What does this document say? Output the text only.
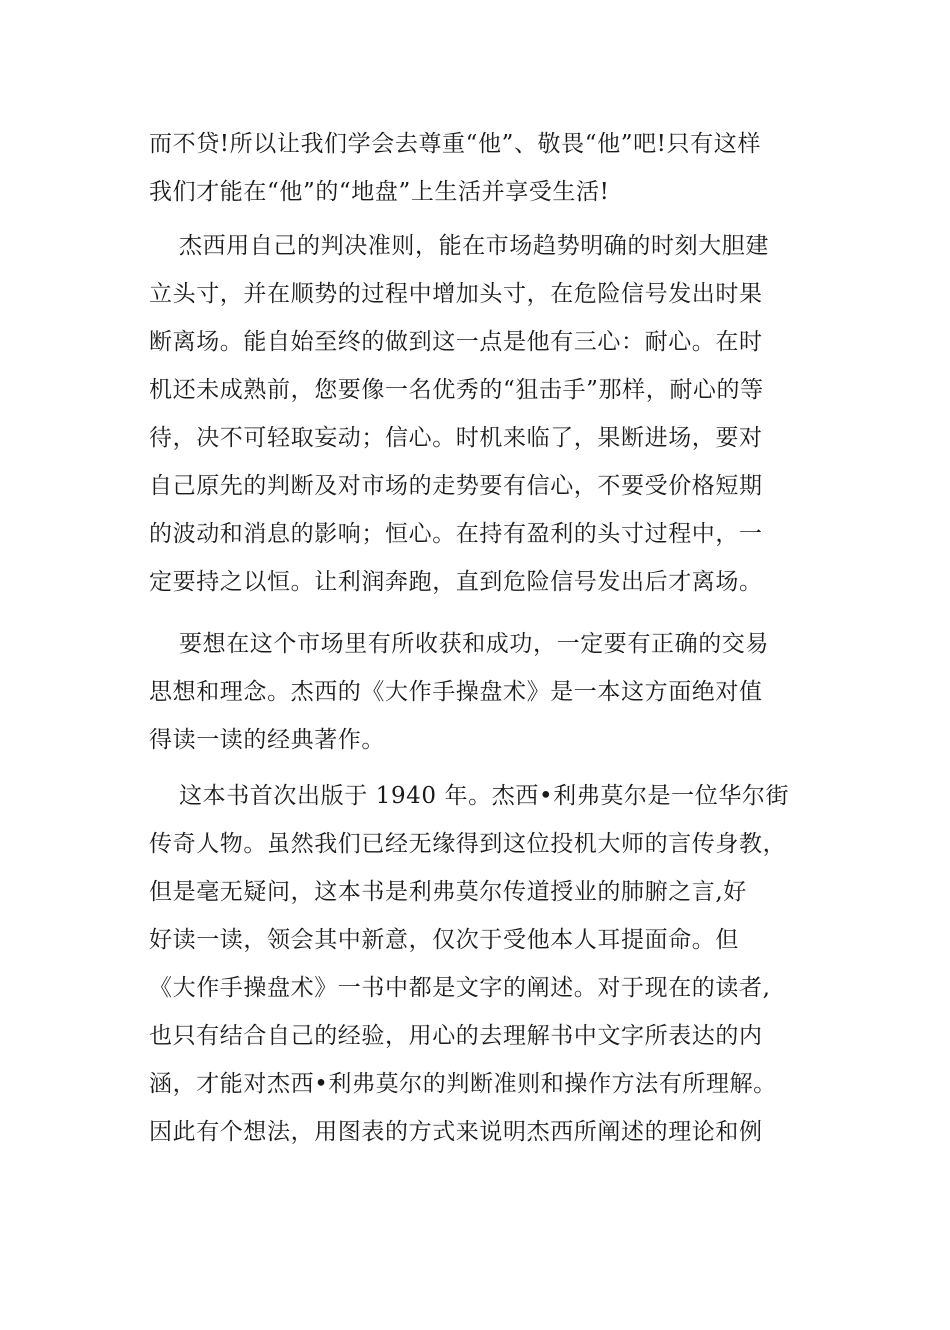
而不贷!所以让我们学会去尊重“他”、敬畏“他”吧!只有这样
我们才能在“他”的“地盘”上生活并享受生活!
杰西用自己的判决准则，能在市场趋势明确的时刻大胆建
立头寸，并在顺势的过程中增加头寸，在危险信号发出时果
断离场。能自始至终的做到这一点是他有三心：耐心。在时
机还未成熟前，您要像一名优秀的“狙击手”那样，耐心的等
待，决不可轻取妄动；信心。时机来临了，果断进场，要对
自己原先的判断及对市场的走势要有信心，不要受价格短期
的波动和消息的影响；恒心。在持有盈利的头寸过程中，一
定要持之以恒。让利润奔跑，直到危险信号发出后才离场。
要想在这个市场里有所收获和成功，一定要有正确的交易
思想和理念。杰西的《大作手操盘术》是一本这方面绝对值
得读一读的经典著作。
这本书首次出版于 1940 年。杰西•利弗莫尔是一位华尔街
传奇人物。虽然我们已经无缘得到这位投机大师的言传身教，
但是毫无疑问，这本书是利弗莫尔传道授业的肺腑之言,好
好读一读，领会其中新意，仅次于受他本人耳提面命。但
《大作手操盘术》一书中都是文字的阐述。对于现在的读者,
也只有结合自己的经验，用心的去理解书中文字所表达的内
涵，才能对杰西•利弗莫尔的判断准则和操作方法有所理解。
因此有个想法，用图表的方式来说明杰西所阐述的理论和例
